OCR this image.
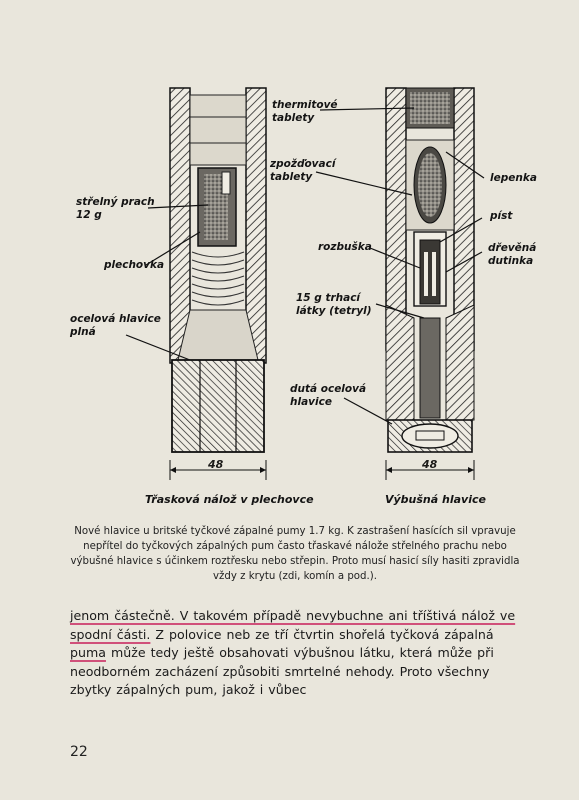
střelný prach
12 g
plechovka
ocelová hlavice
plná
thermitové
tablety
zpožďovací
tablety
rozbuška
15 g trhací
látky (tetryl)
dutá ocelová
hlavice
lepenka
píst
dřevěná
dutinka
48	48
Třasková nálož v plechovce	Výbušná hlavice
Nové hlavice u britské tyčkové zápalné pumy 1.7 kg. K zastrašení hasících sil vpravuje nepřítel do tyčkových zápalných pum často třaskavé nálože střelného prachu nebo výbušné hlavice s účinkem roztřesku nebo střepin. Proto musí hasicí síly hasiti zpravidla vždy z krytu (zdi, komín a pod.).
jenom částečně. V takovém případě nevybuchne ani tříštivá nálož ve
spodní části. Z polovice neb ze tří čtvrtin shořelá tyčková zápalná
puma může tedy ještě obsahovati výbušnou látku, která může při
neodborném zacházení způsobiti smrtelné nehody. Proto všechny
zbytky zápalných pum, jakož i vůbec
22
